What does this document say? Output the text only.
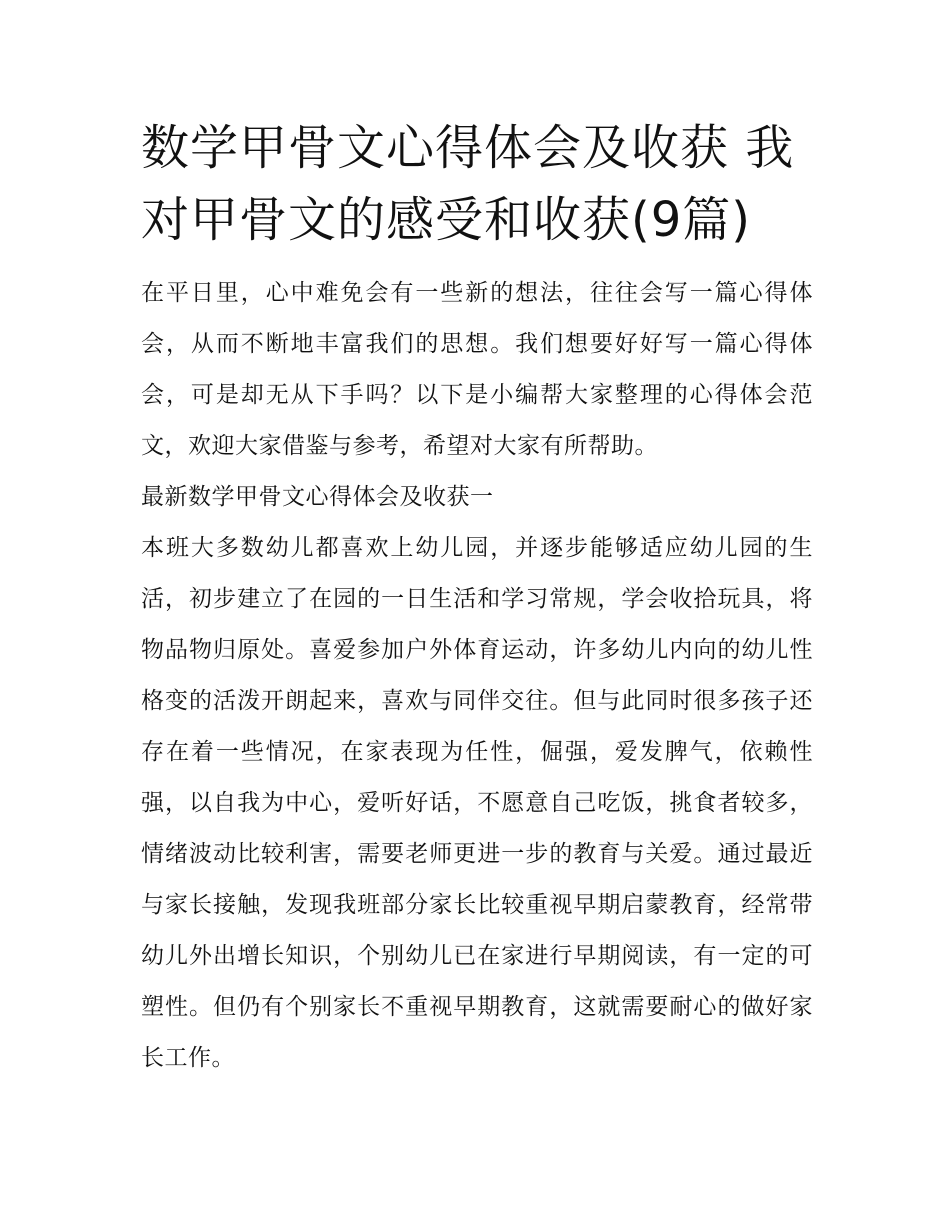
数学甲骨文心得体会及收获 我对甲骨文的感受和收获(9篇)

在平日里，心中难免会有一些新的想法，往往会写一篇心得体会，从而不断地丰富我们的思想。我们想要好好写一篇心得体会，可是却无从下手吗？以下是小编帮大家整理的心得体会范文，欢迎大家借鉴与参考，希望对大家有所帮助。

最新数学甲骨文心得体会及收获一

本班大多数幼儿都喜欢上幼儿园，并逐步能够适应幼儿园的生活，初步建立了在园的一日生活和学习常规，学会收拾玩具，将物品物归原处。喜爱参加户外体育运动，许多幼儿内向的幼儿性格变的活泼开朗起来，喜欢与同伴交往。但与此同时很多孩子还存在着一些情况，在家表现为任性，倔强，爱发脾气，依赖性强，以自我为中心，爱听好话，不愿意自己吃饭，挑食者较多，情绪波动比较利害，需要老师更进一步的教育与关爱。通过最近与家长接触，发现我班部分家长比较重视早期启蒙教育，经常带幼儿外出增长知识，个别幼儿已在家进行早期阅读，有一定的可塑性。但仍有个别家长不重视早期教育，这就需要耐心的做好家长工作。
